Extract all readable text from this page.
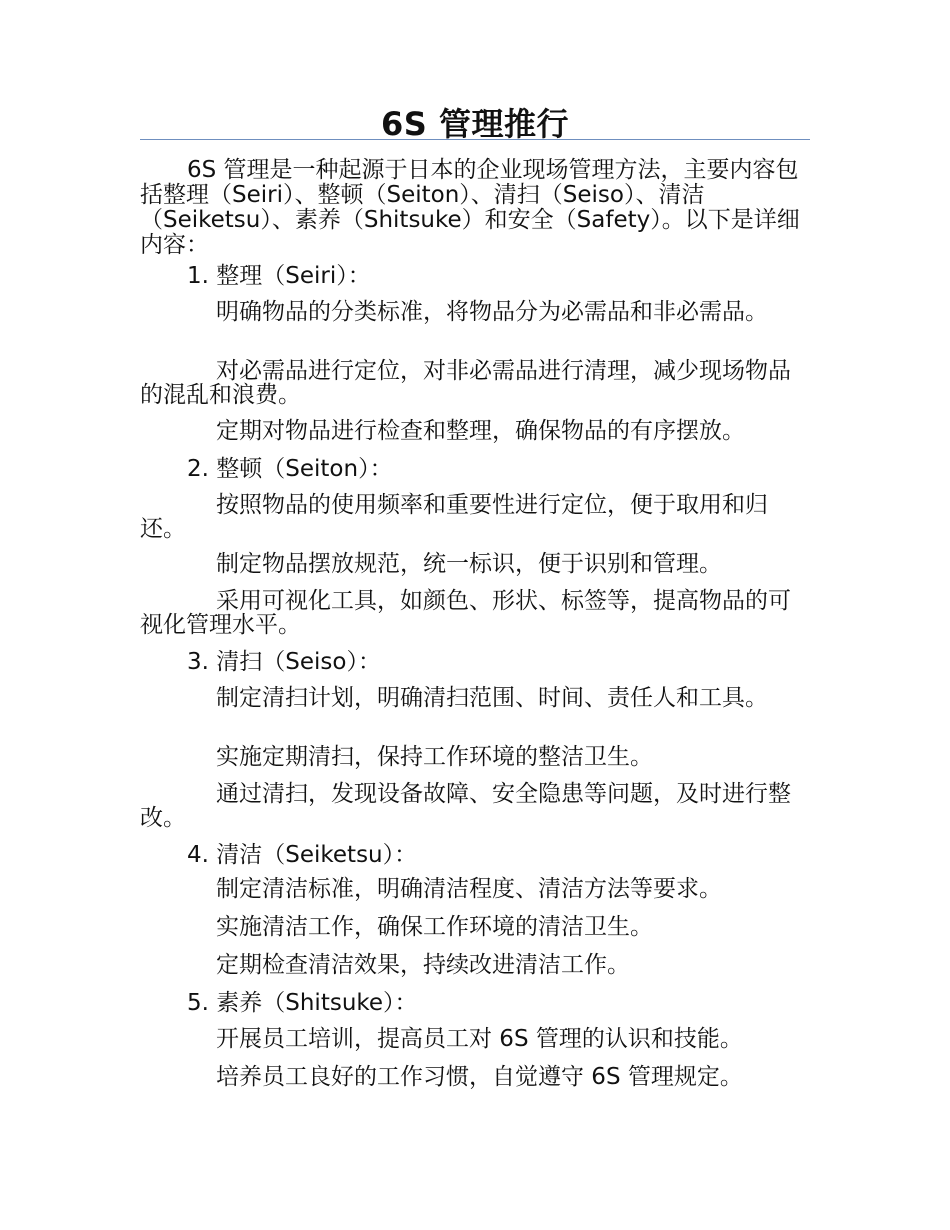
6S 管理推行

6S 管理是一种起源于日本的企业现场管理方法，主要内容包括整理（Seiri）、整顿（Seiton）、清扫（Seiso）、清洁（Seiketsu）、素养（Shitsuke）和安全（Safety）。以下是详细内容：

1. 整理（Seiri）：

明确物品的分类标准，将物品分为必需品和非必需品。

对必需品进行定位，对非必需品进行清理，减少现场物品的混乱和浪费。

定期对物品进行检查和整理，确保物品的有序摆放。

2. 整顿（Seiton）：

按照物品的使用频率和重要性进行定位，便于取用和归还。

制定物品摆放规范，统一标识，便于识别和管理。

采用可视化工具，如颜色、形状、标签等，提高物品的可视化管理水平。

3. 清扫（Seiso）：

制定清扫计划，明确清扫范围、时间、责任人和工具。

实施定期清扫，保持工作环境的整洁卫生。

通过清扫，发现设备故障、安全隐患等问题，及时进行整改。

4. 清洁（Seiketsu）：

制定清洁标准，明确清洁程度、清洁方法等要求。

实施清洁工作，确保工作环境的清洁卫生。

定期检查清洁效果，持续改进清洁工作。

5. 素养（Shitsuke）：

开展员工培训，提高员工对 6S 管理的认识和技能。

培养员工良好的工作习惯，自觉遵守 6S 管理规定。
